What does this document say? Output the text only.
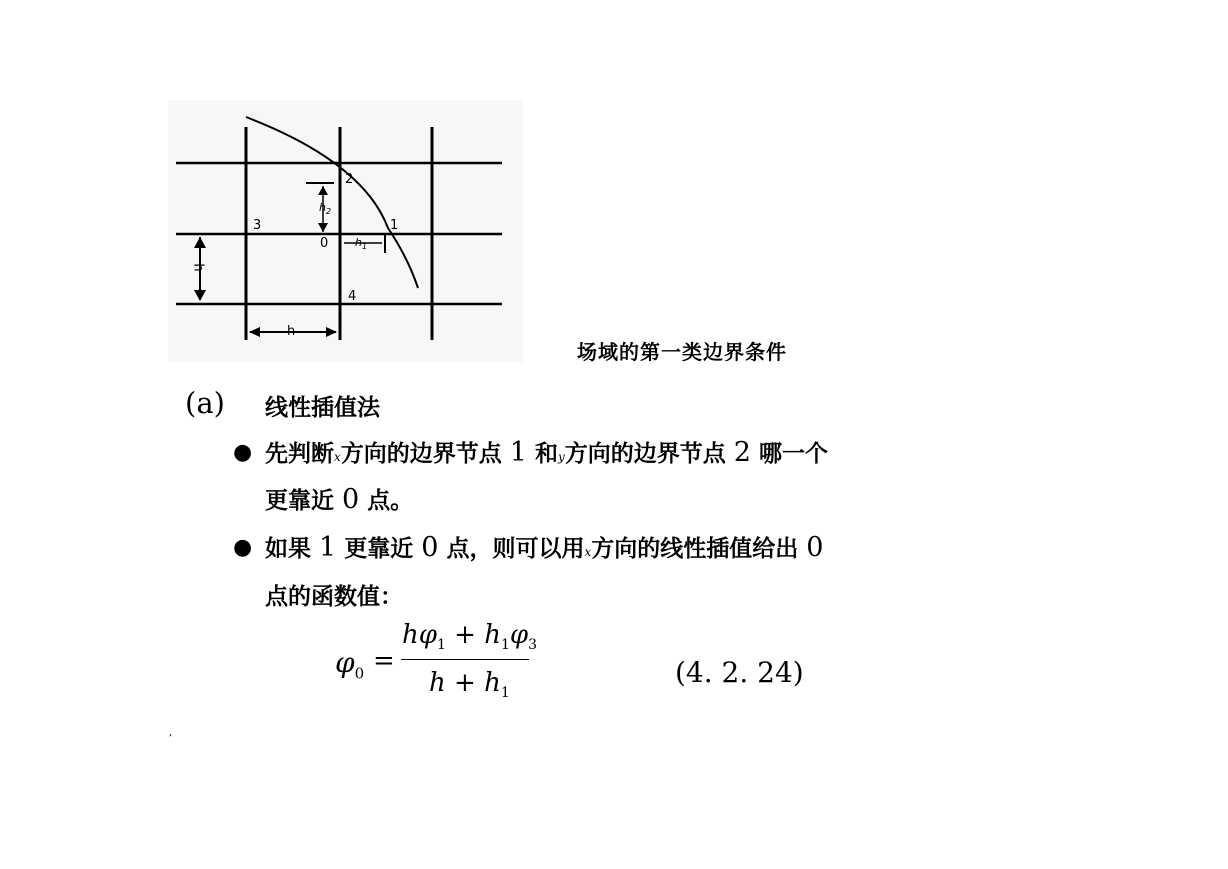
2
3
0
1
4
h
h
$h_1$
$h_2$
场域的第一类边界条件
(a) 线性插值法
● 先判断x方向的边界节点 1 和y方向的边界节点 2 哪一个
更靠近 0 点。
● 如果 1 更靠近 0 点，则可以用x方向的线性插值给出 0
点的函数值：
$\varphi_0$ =
$h\varphi_1 + h_1\varphi_3$
$h + h_1$
(4. 2. 24)
,
